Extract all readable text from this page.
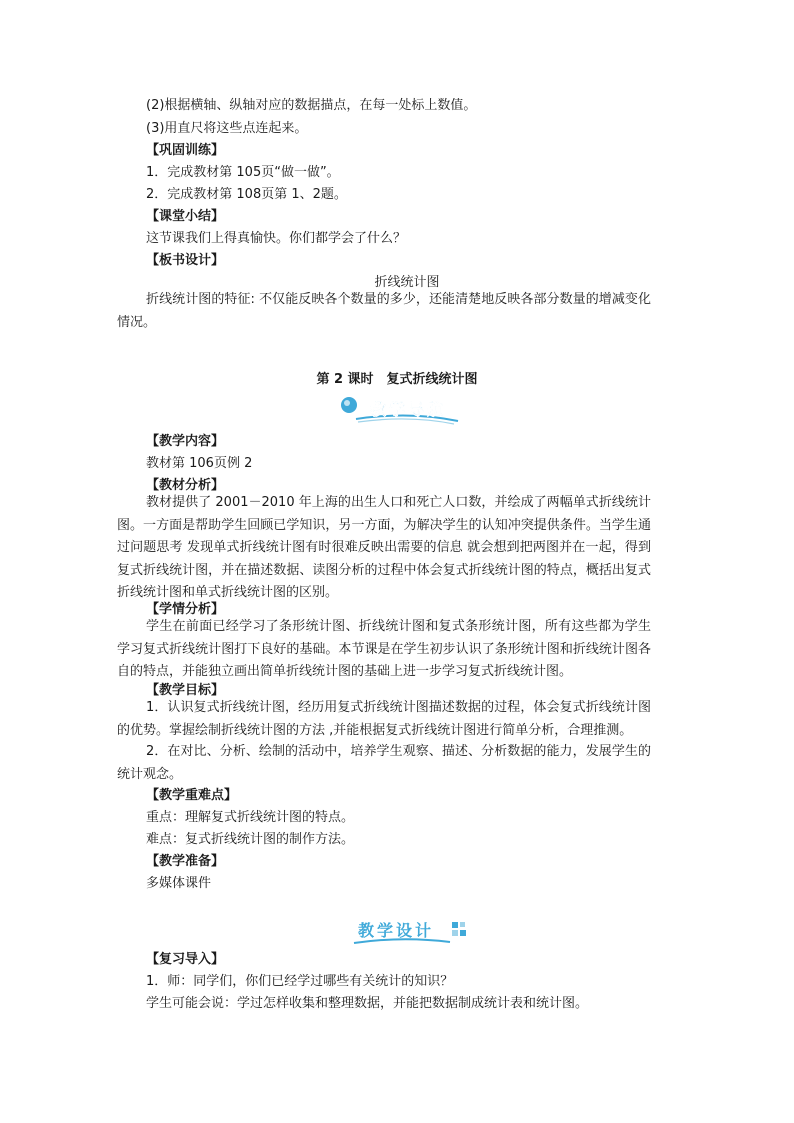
(2)根据横轴、纵轴对应的数据描点，在每一处标上数值。
(3)用直尺将这些点连起来。
【巩固训练】
1．完成教材第 105页“做一做”。
2．完成教材第 108页第 1、2题。
【课堂小结】
这节课我们上得真愉快。你们都学会了什么？
【板书设计】
折线统计图

折线统计图的特征: 不仅能反映各个数量的多少，还能清楚地反映各部分数量的增减变化情况。

第 2 课时　复式折线统计图
教学导航
【教学内容】
教材第 106页例 2
【教材分析】

教材提供了 2001－2010 年上海的出生人口和死亡人口数，并绘成了两幅单式折线统计图。一方面是帮助学生回顾已学知识，另一方面，为解决学生的认知冲突提供条件。当学生通过问题思考 发现单式折线统计图有时很难反映出需要的信息 就会想到把两图并在一起，得到复式折线统计图，并在描述数据、读图分析的过程中体会复式折线统计图的特点，概括出复式折线统计图和单式折线统计图的区别。

【学情分析】

学生在前面已经学习了条形统计图、折线统计图和复式条形统计图，所有这些都为学生学习复式折线统计图打下良好的基础。本节课是在学生初步认识了条形统计图和折线统计图各自的特点，并能独立画出简单折线统计图的基础上进一步学习复式折线统计图。

【教学目标】

1．认识复式折线统计图，经历用复式折线统计图描述数据的过程，体会复式折线统计图的优势。掌握绘制折线统计图的方法 ,并能根据复式折线统计图进行简单分析，合理推测。

2．在对比、分析、绘制的活动中，培养学生观察、描述、分析数据的能力，发展学生的统计观念。

【教学重难点】
重点：理解复式折线统计图的特点。
难点：复式折线统计图的制作方法。
【教学准备】
多媒体课件
教学设计
【复习导入】
1．师：同学们，你们已经学过哪些有关统计的知识？
学生可能会说：学过怎样收集和整理数据，并能把数据制成统计表和统计图。
